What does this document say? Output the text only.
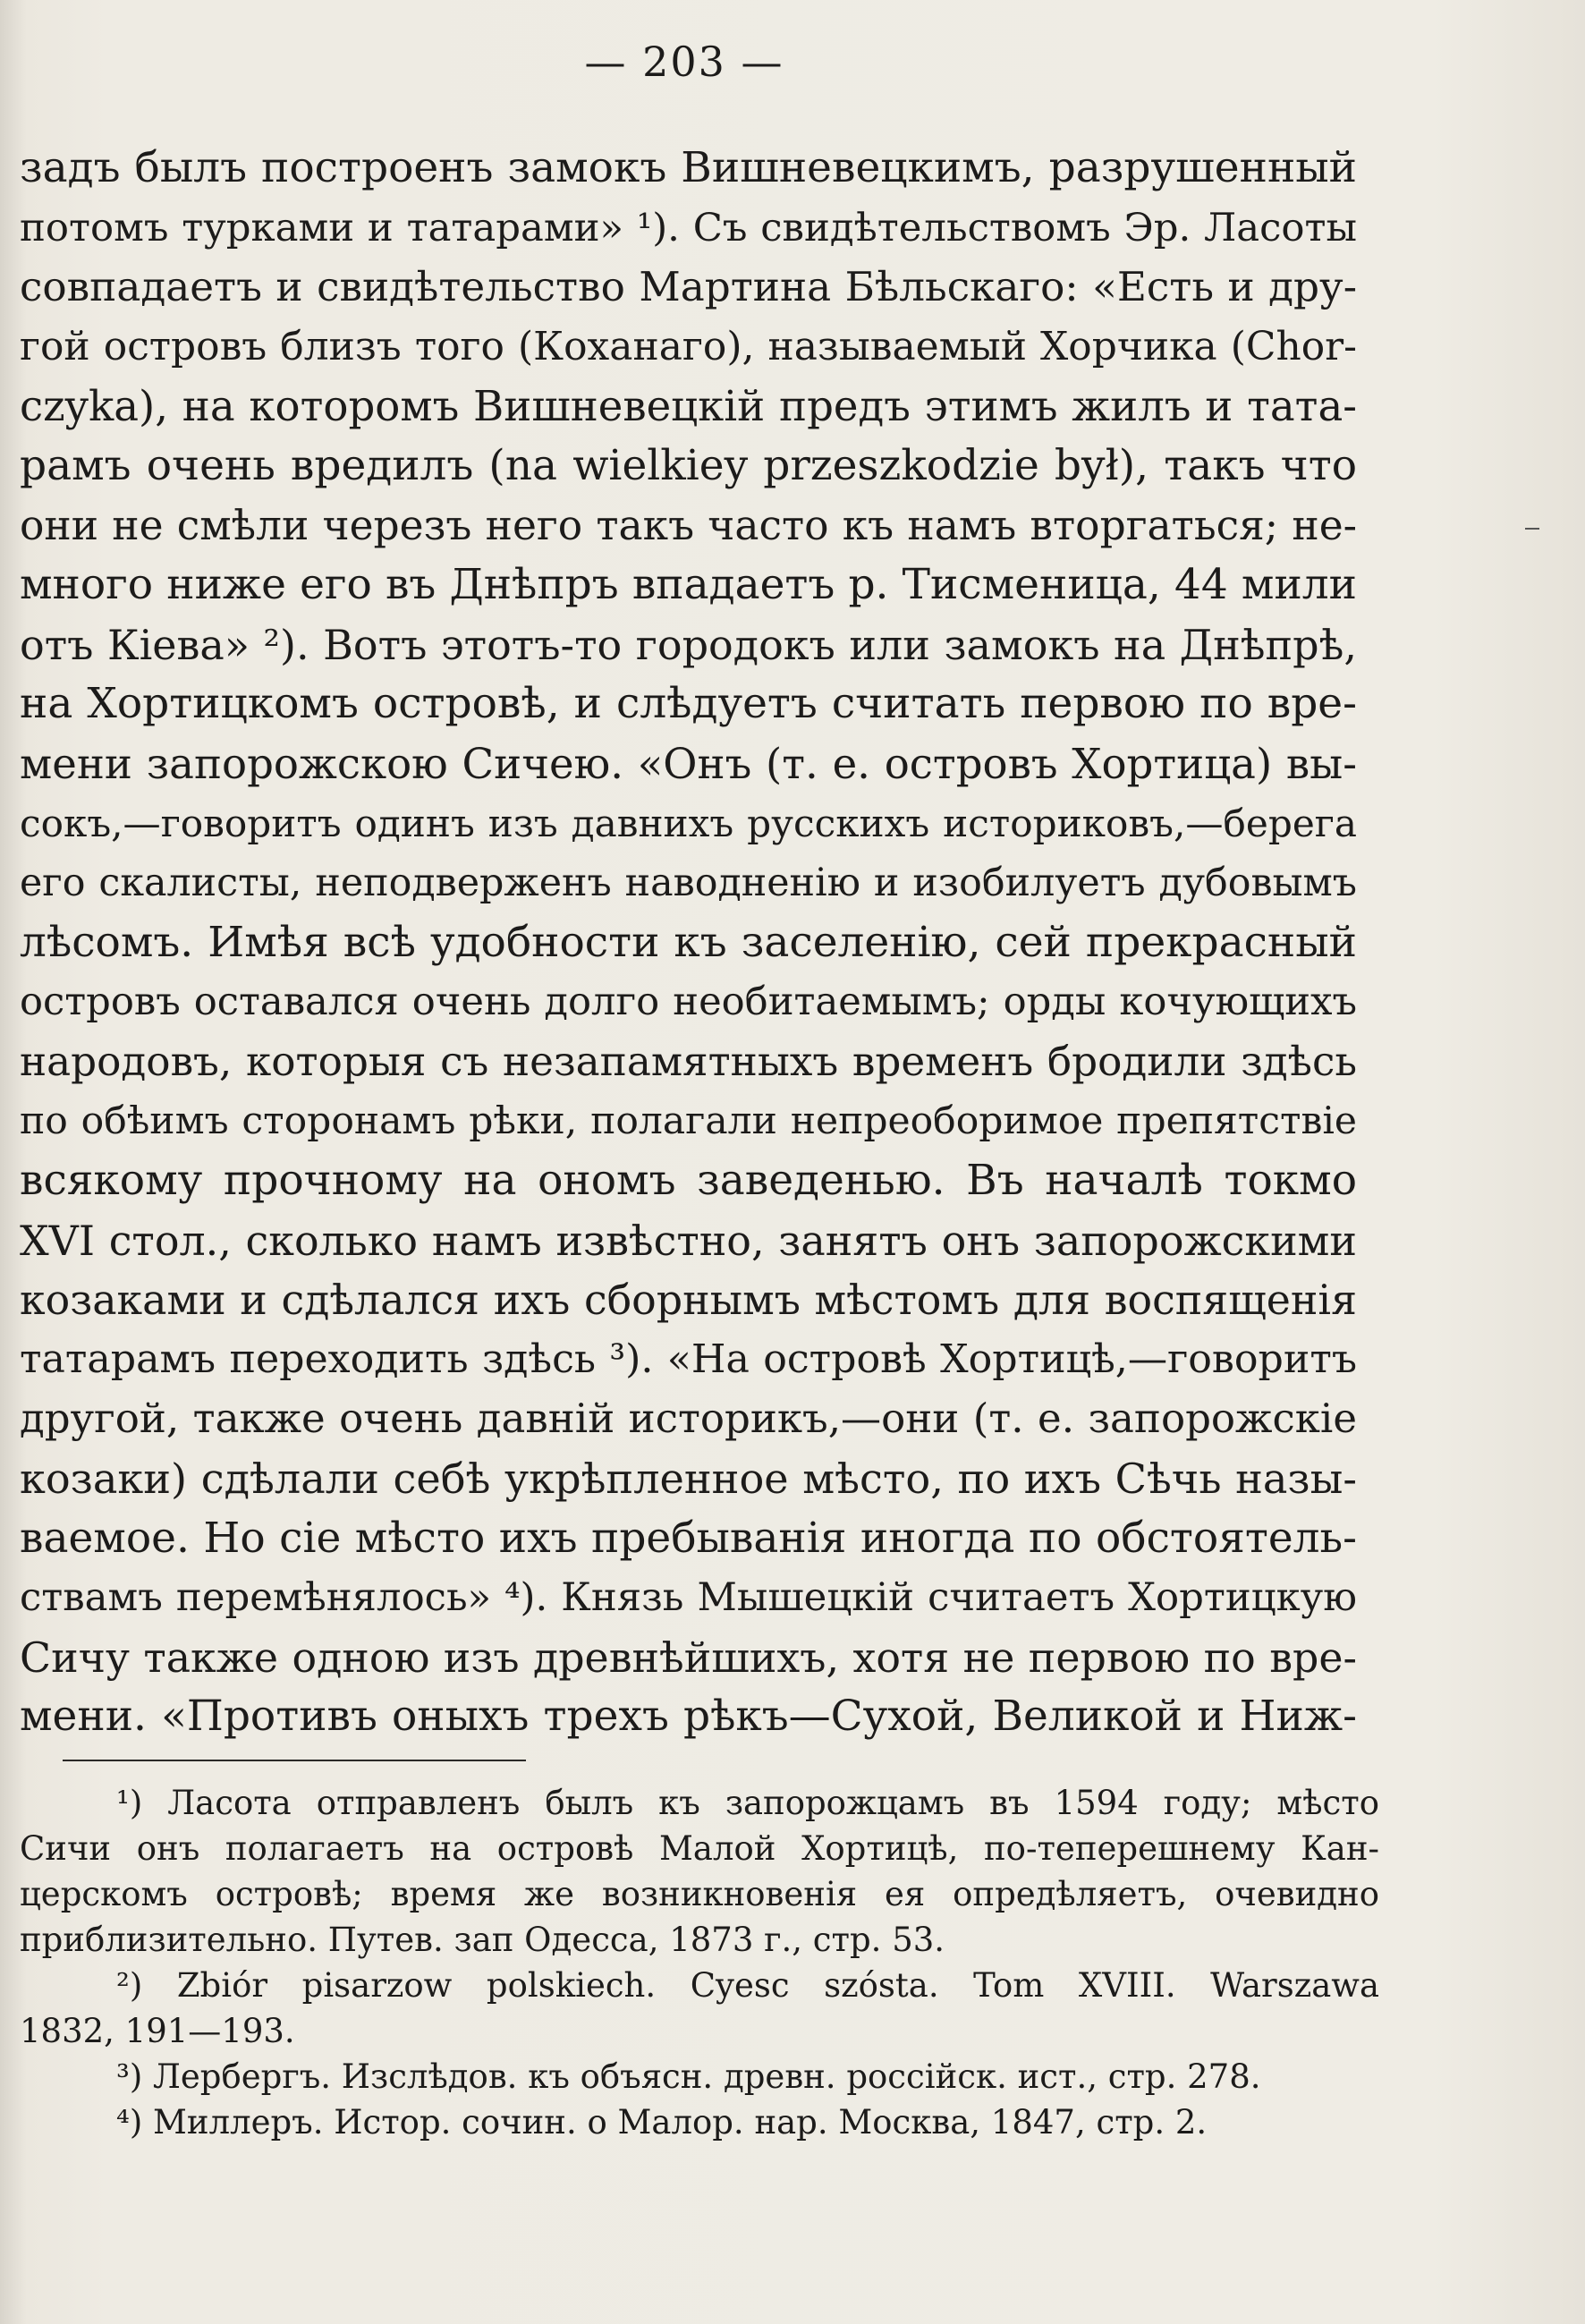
— 203 —
задъ былъ построенъ замокъ Вишневецкимъ, разрушенный
потомъ турками и татарами» ¹). Съ свидѣтельствомъ Эр. Ласоты
совпадаетъ и свидѣтельство Мартина Бѣльскаго: «Есть и дру-
гой островъ близъ того (Коханаго), называемый Хорчика (Chor-
czyka), на которомъ Вишневецкій предъ этимъ жилъ и тата-
рамъ очень вредилъ (na wielkiey przeszkodzie był), такъ что
они не смѣли черезъ него такъ часто къ намъ вторгаться; не-
много ниже его въ Днѣпръ впадаетъ р. Тисменица, 44 мили
отъ Кіева» ²). Вотъ этотъ-то городокъ или замокъ на Днѣпрѣ,
на Хортицкомъ островѣ, и слѣдуетъ считать первою по вре-
мени запорожскою Сичею. «Онъ (т. е. островъ Хортица) вы-
сокъ,—говоритъ одинъ изъ давнихъ русскихъ историковъ,—берега
его скалисты, неподверженъ наводненію и изобилуетъ дубовымъ
лѣсомъ. Имѣя всѣ удобности къ заселенію, сей прекрасный
островъ оставался очень долго необитаемымъ; орды кочующихъ
народовъ, которыя съ незапамятныхъ временъ бродили здѣсь
по обѣимъ сторонамъ рѣки, полагали непреоборимое препятствіе
всякому прочному на ономъ заведенью. Въ началѣ токмо
XVI стол., сколько намъ извѣстно, занятъ онъ запорожскими
козаками и сдѣлался ихъ сборнымъ мѣстомъ для воспященія
татарамъ переходить здѣсь ³). «На островѣ Хортицѣ,—говоритъ
другой, также очень давній историкъ,—они (т. е. запорожскіе
козаки) сдѣлали себѣ укрѣпленное мѣсто, по ихъ Сѣчь назы-
ваемое. Но сіе мѣсто ихъ пребыванія иногда по обстоятель-
ствамъ перемѣнялось» ⁴). Князь Мышецкій считаетъ Хортицкую
Сичу также одною изъ древнѣйшихъ, хотя не первою по вре-
мени. «Противъ оныхъ трехъ рѣкъ—Сухой, Великой и Ниж-
¹) Ласота отправленъ былъ къ запорожцамъ въ 1594 году; мѣсто
Сичи онъ полагаетъ на островѣ Малой Хортицѣ, по-теперешнему Кан-
церскомъ островѣ; время же возникновенія ея опредѣляетъ, очевидно
приблизительно. Путев. зап Одесса, 1873 г., стр. 53.
²) Zbiór pisarzow polskiech. Cyesc szósta. Tom XVIII. Warszawa
1832, 191—193.
³) Лербергъ. Изслѣдов. къ объясн. древн. россійск. ист., стр. 278.
⁴) Миллеръ. Истор. сочин. о Малор. нар. Москва, 1847, стр. 2.
